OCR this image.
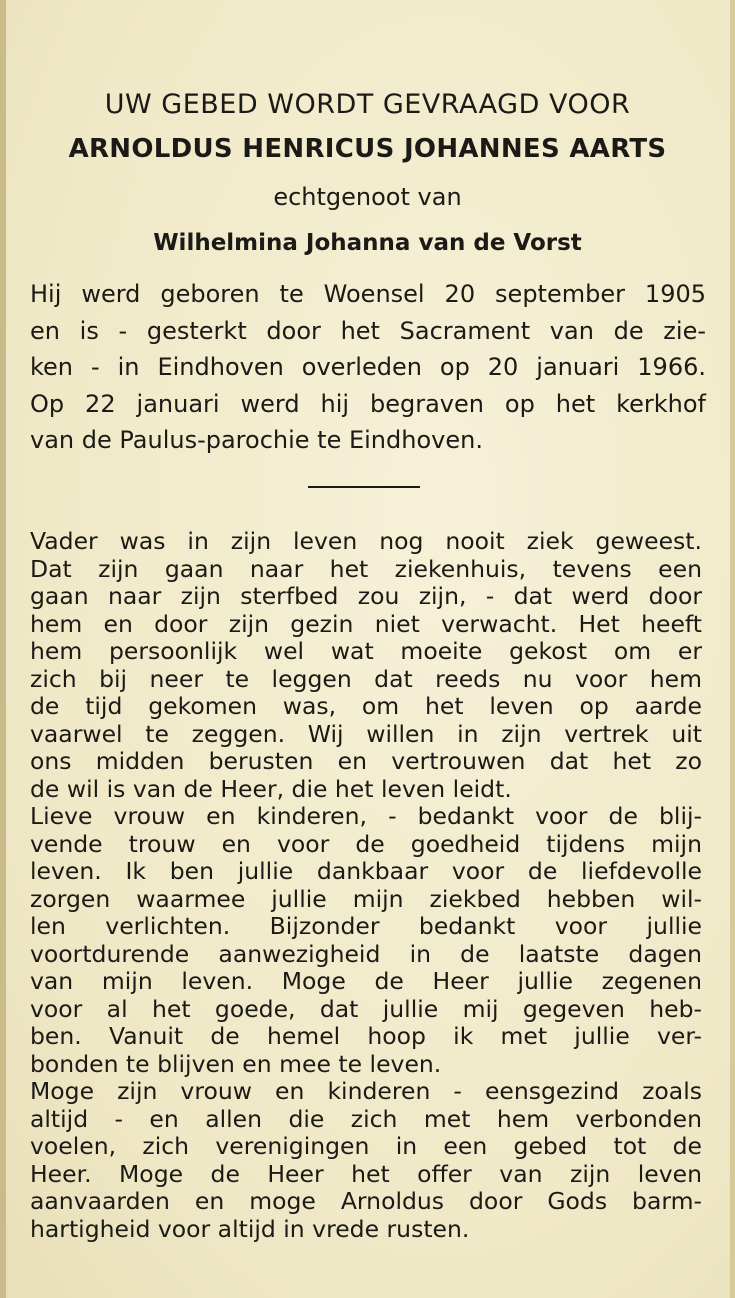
UW GEBED WORDT GEVRAAGD VOOR
ARNOLDUS HENRICUS JOHANNES AARTS
echtgenoot van
Wilhelmina Johanna van de Vorst
Hij werd geboren te Woensel 20 september 1905
en is - gesterkt door het Sacrament van de zie-
ken - in Eindhoven overleden op 20 januari 1966.
Op 22 januari werd hij begraven op het kerkhof
van de Paulus-parochie te Eindhoven.
Vader was in zijn leven nog nooit ziek geweest.
Dat zijn gaan naar het ziekenhuis, tevens een
gaan naar zijn sterfbed zou zijn, - dat werd door
hem en door zijn gezin niet verwacht. Het heeft
hem persoonlijk wel wat moeite gekost om er
zich bij neer te leggen dat reeds nu voor hem
de tijd gekomen was, om het leven op aarde
vaarwel te zeggen. Wij willen in zijn vertrek uit
ons midden berusten en vertrouwen dat het zo
de wil is van de Heer, die het leven leidt.
Lieve vrouw en kinderen, - bedankt voor de blij-
vende trouw en voor de goedheid tijdens mijn
leven. Ik ben jullie dankbaar voor de liefdevolle
zorgen waarmee jullie mijn ziekbed hebben wil-
len verlichten. Bijzonder bedankt voor jullie
voortdurende aanwezigheid in de laatste dagen
van mijn leven. Moge de Heer jullie zegenen
voor al het goede, dat jullie mij gegeven heb-
ben. Vanuit de hemel hoop ik met jullie ver-
bonden te blijven en mee te leven.
Moge zijn vrouw en kinderen - eensgezind zoals
altijd - en allen die zich met hem verbonden
voelen, zich verenigingen in een gebed tot de
Heer. Moge de Heer het offer van zijn leven
aanvaarden en moge Arnoldus door Gods barm-
hartigheid voor altijd in vrede rusten.
